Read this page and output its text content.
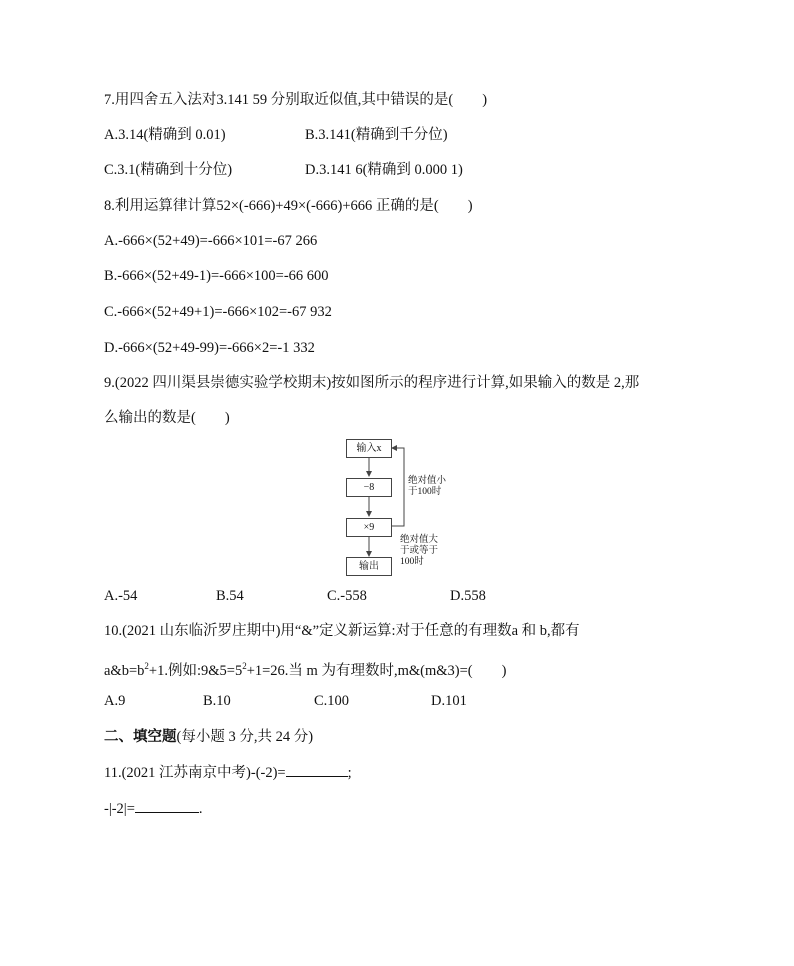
7.用四舍五入法对3.141 59 分别取近似值,其中错误的是(　　)
A.3.14(精确到 0.01)	B.3.141(精确到千分位)
C.3.1(精确到十分位)	D.3.141 6(精确到 0.000 1)
8.利用运算律计算52×(-666)+49×(-666)+666 正确的是(　　)
A.-666×(52+49)=-666×101=-67 266
B.-666×(52+49-1)=-666×100=-66 600
C.-666×(52+49+1)=-666×102=-67 932
D.-666×(52+49-99)=-666×2=-1 332
9.(2022 四川渠县崇德实验学校期末)按如图所示的程序进行计算,如果输入的数是 2,那
么输出的数是(　　)
输入x
−8
×9
输出
绝对值小
于100时
绝对值大
于或等于
100时
A.-54	B.54	C.-558	D.558
10.(2021 山东临沂罗庄期中)用“&”定义新运算:对于任意的有理数a 和 b,都有
$a\&b=b^2+1$.例如$:9\&5=5^2+1=26$.当 m 为有理数时,m&(m&3)=(　　)
A.9	B.10	C.100	D.101
二、填空题(每小题 3 分,共 24 分)
11.(2021 江苏南京中考)-(-2)=	;
-|-2|=	.
